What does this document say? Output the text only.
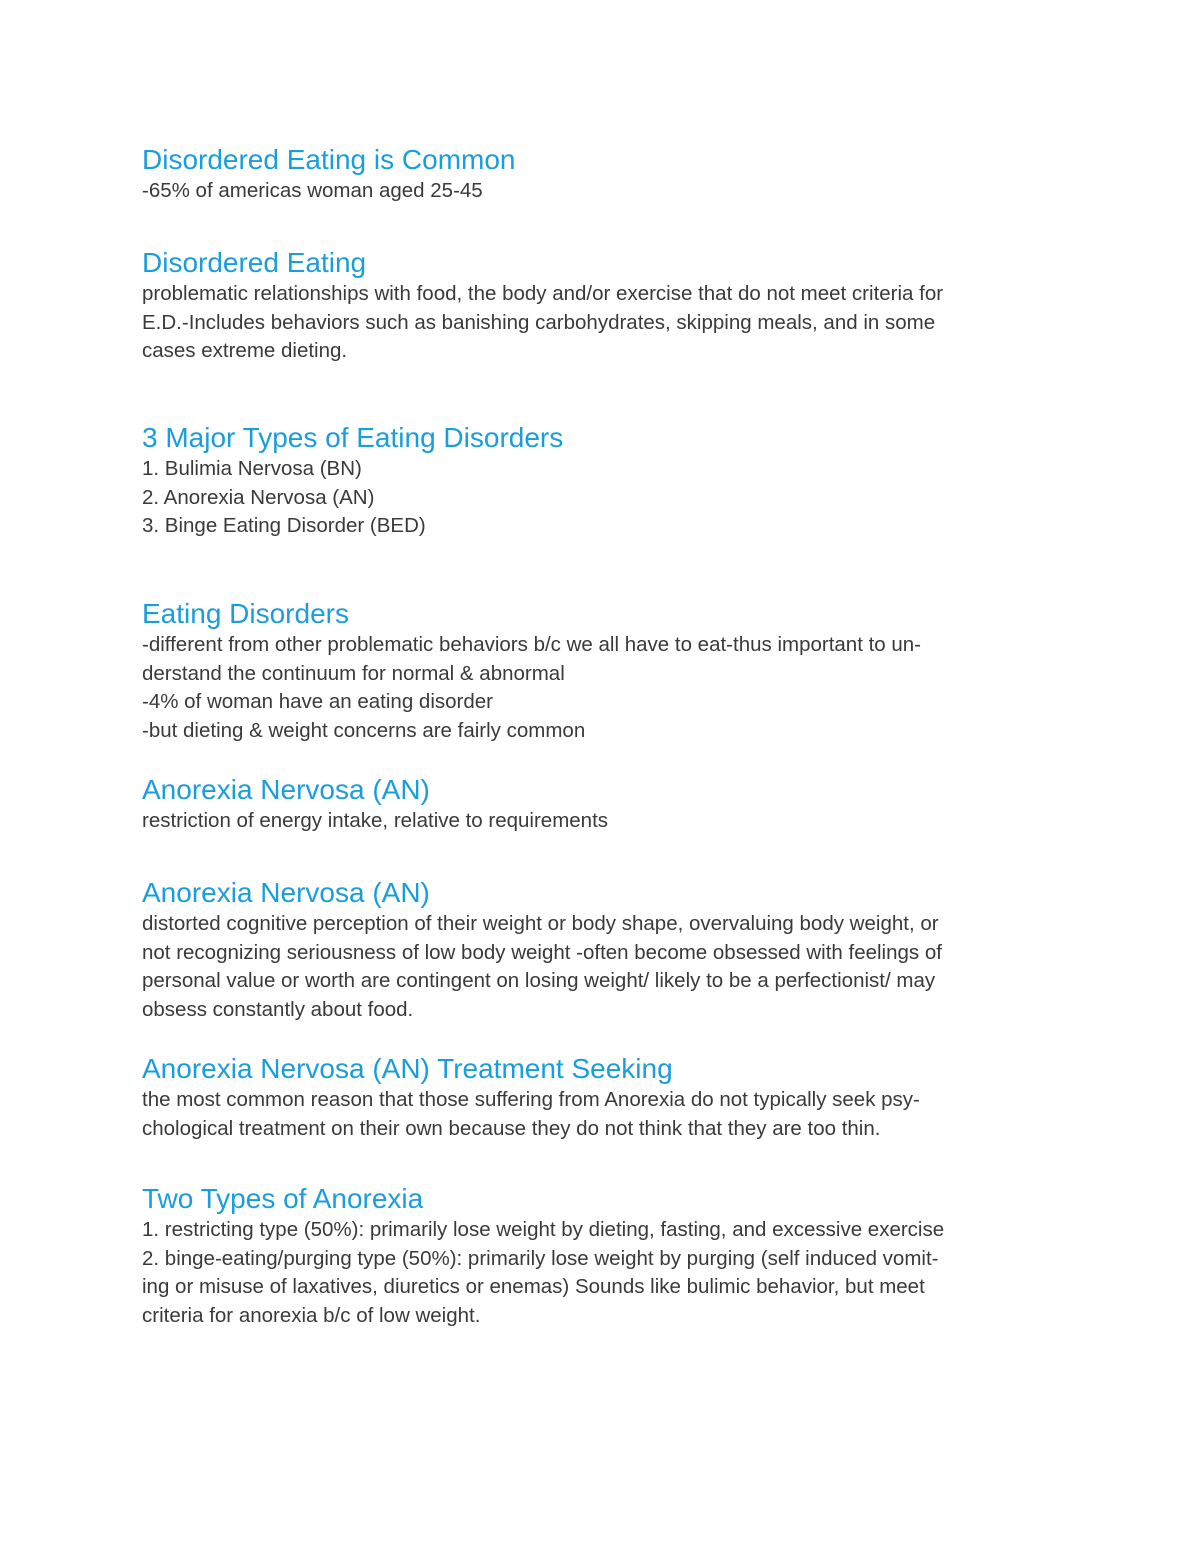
Disordered Eating is Common

-65% of americas woman aged 25-45

Disordered Eating

problematic relationships with food, the body and/or exercise that do not meet criteria for

E.D.-Includes behaviors such as banishing carbohydrates, skipping meals, and in some

cases extreme dieting.

3 Major Types of Eating Disorders

1. Bulimia Nervosa (BN)

2. Anorexia Nervosa (AN)

3. Binge Eating Disorder (BED)

Eating Disorders

-different from other problematic behaviors b/c we all have to eat-thus important to un-

derstand the continuum for normal & abnormal

-4% of woman have an eating disorder

-but dieting & weight concerns are fairly common

Anorexia Nervosa (AN)

restriction of energy intake, relative to requirements

Anorexia Nervosa (AN)

distorted cognitive perception of their weight or body shape, overvaluing body weight, or

not recognizing seriousness of low body weight -often become obsessed with feelings of

personal value or worth are contingent on losing weight/ likely to be a perfectionist/ may

obsess constantly about food.

Anorexia Nervosa (AN) Treatment Seeking

the most common reason that those suffering from Anorexia do not typically seek psy-

chological treatment on their own because they do not think that they are too thin.

Two Types of Anorexia

1. restricting type (50%): primarily lose weight by dieting, fasting, and excessive exercise

2. binge-eating/purging type (50%): primarily lose weight by purging (self induced vomit-

ing or misuse of laxatives, diuretics or enemas) Sounds like bulimic behavior, but meet

criteria for anorexia b/c of low weight.
